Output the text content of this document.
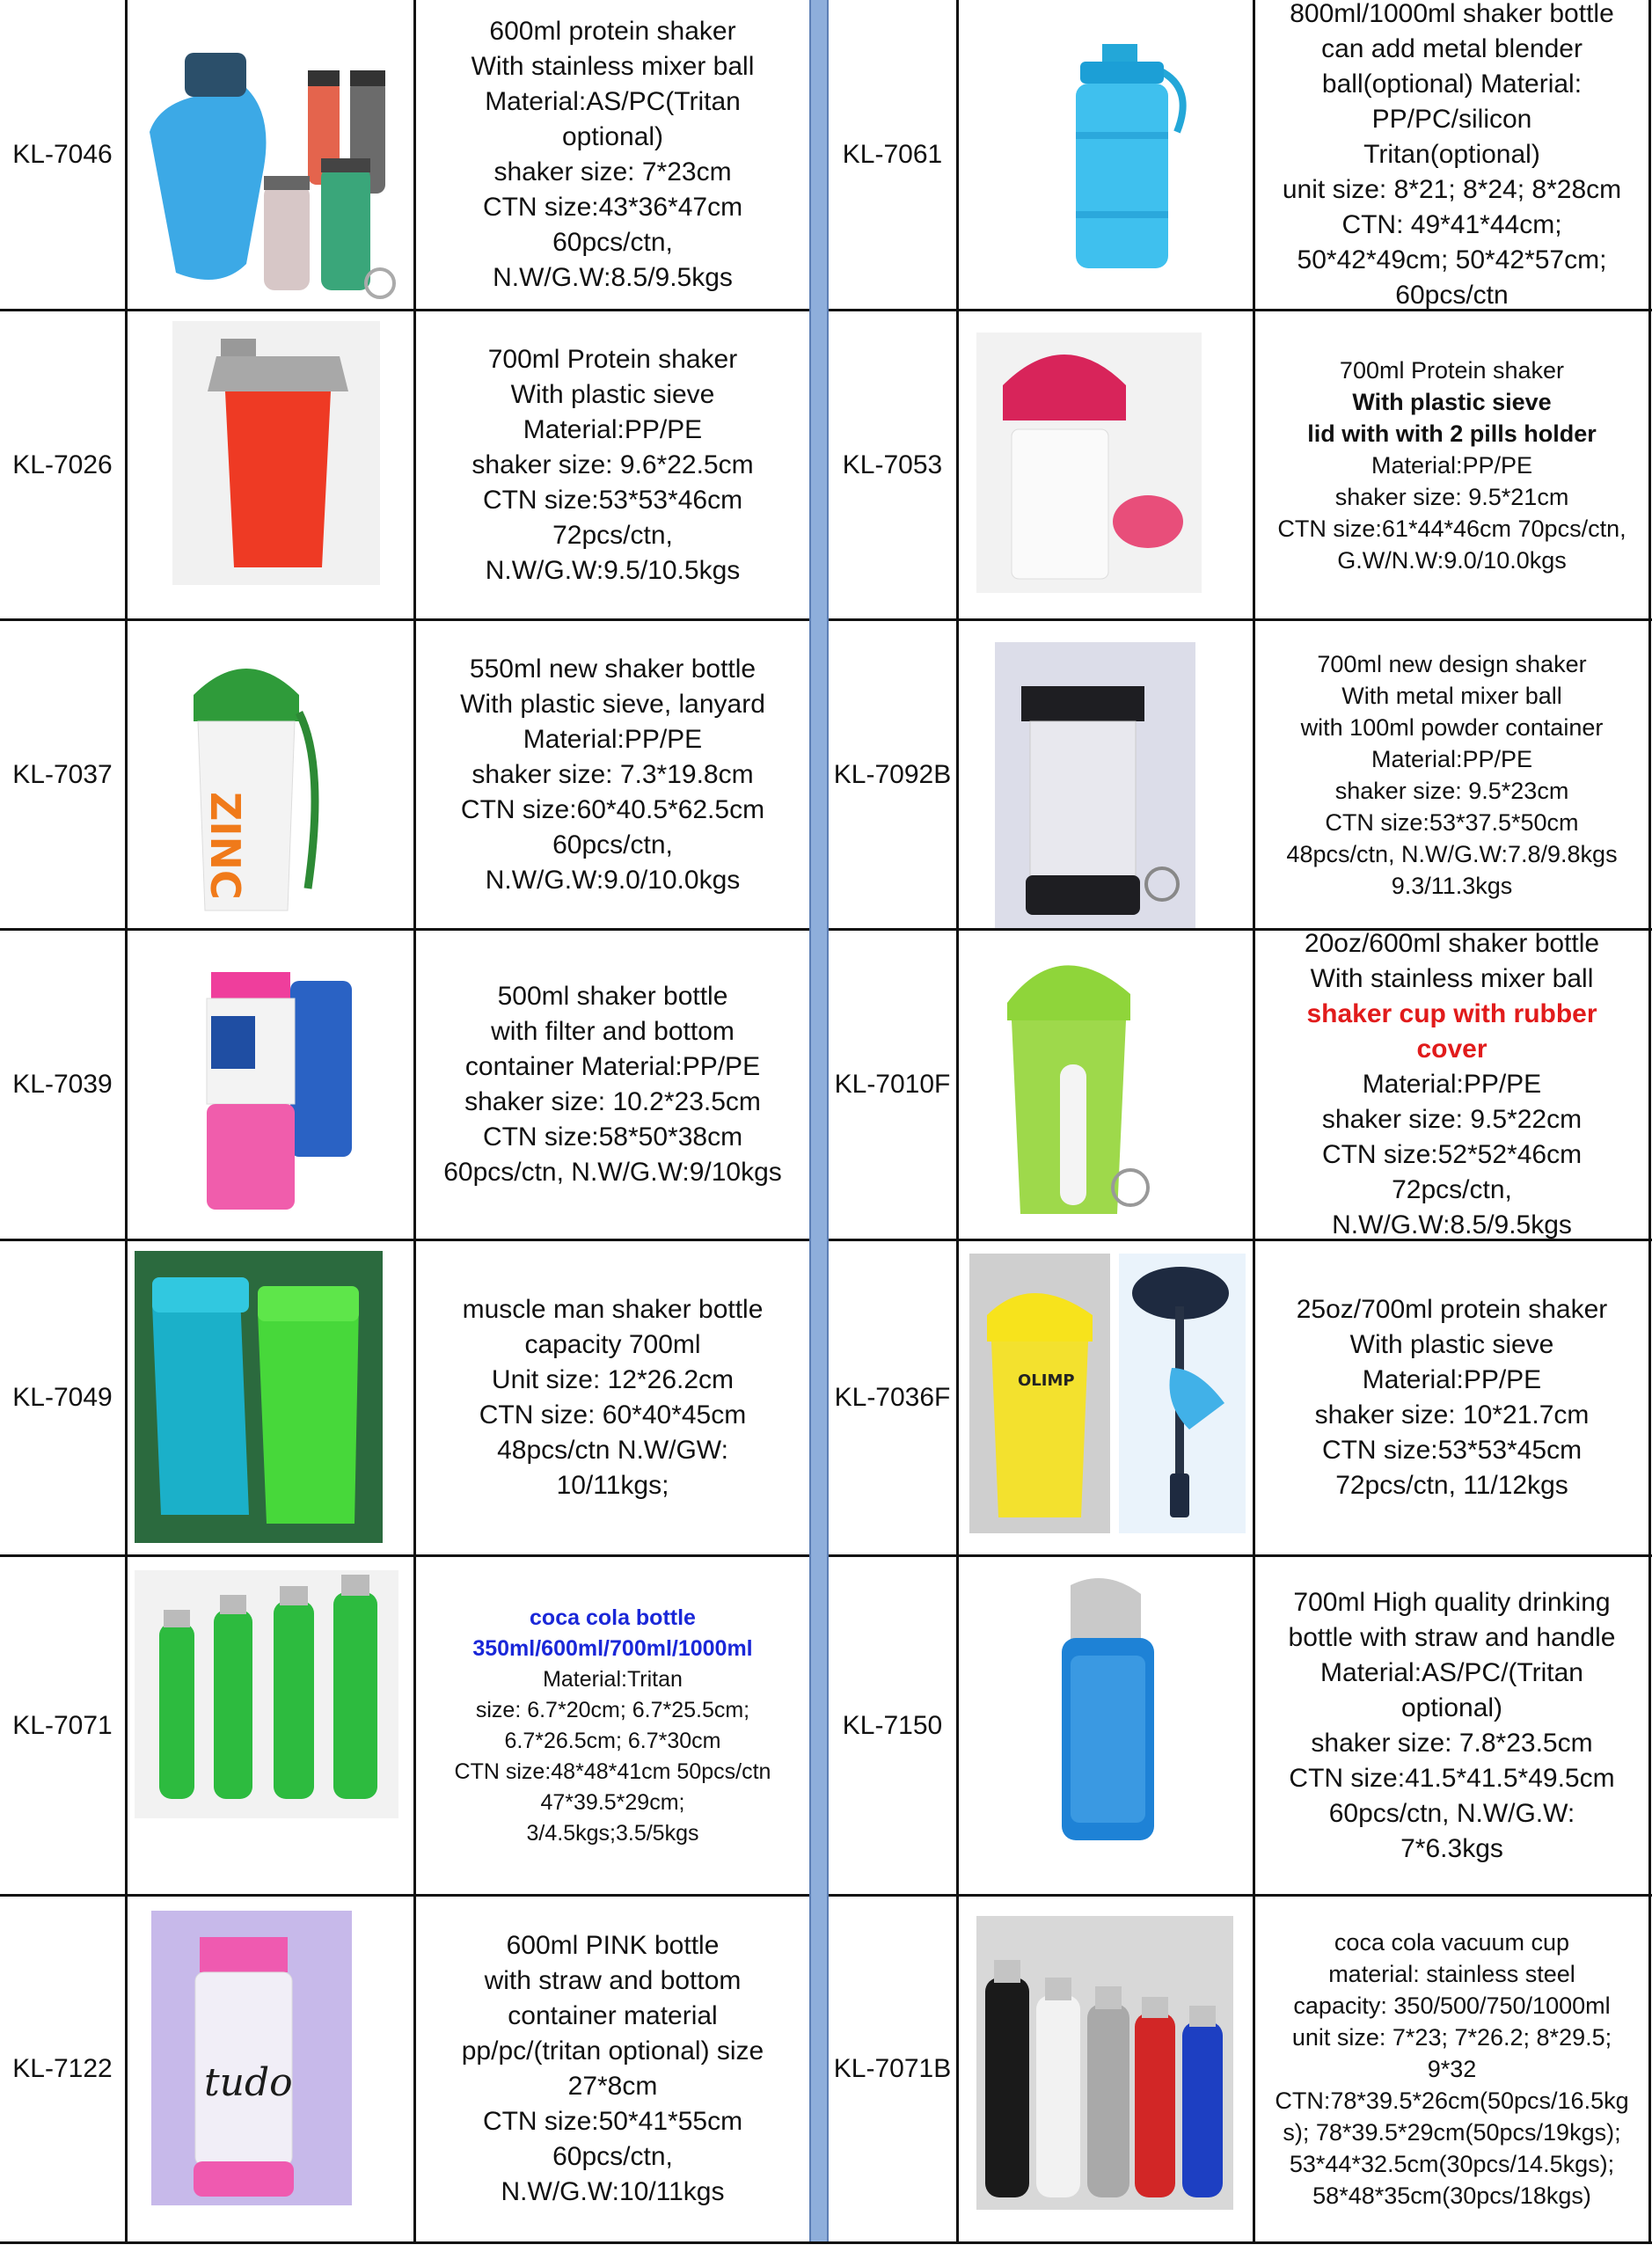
KL-7046
600ml protein shaker
With stainless mixer ball
Material:AS/PC(Tritan
optional)
shaker size: 7*23cm
CTN size:43*36*47cm
60pcs/ctn,
N.W/G.W:8.5/9.5kgs
KL-7061
800ml/1000ml shaker bottle
can add metal blender
ball(optional) Material:
PP/PC/silicon
Tritan(optional)
unit size: 8*21; 8*24; 8*28cm
CTN: 49*41*44cm;
50*42*49cm; 50*42*57cm;
60pcs/ctn
KL-7026
700ml Protein shaker
With plastic sieve
Material:PP/PE
shaker size: 9.6*22.5cm
CTN size:53*53*46cm
72pcs/ctn,
N.W/G.W:9.5/10.5kgs
KL-7053
700ml Protein shaker
With plastic sieve
lid with with 2 pills holder
Material:PP/PE
shaker size: 9.5*21cm
CTN size:61*44*46cm 70pcs/ctn,
G.W/N.W:9.0/10.0kgs
KL-7037
550ml new shaker bottle
With plastic sieve, lanyard
Material:PP/PE
shaker size: 7.3*19.8cm
CTN size:60*40.5*62.5cm
60pcs/ctn,
N.W/G.W:9.0/10.0kgs
KL-7092B
700ml new design shaker
With metal mixer ball
with 100ml powder container
Material:PP/PE
shaker size: 9.5*23cm
CTN size:53*37.5*50cm
48pcs/ctn, N.W/G.W:7.8/9.8kgs
9.3/11.3kgs
KL-7039
500ml shaker bottle
with filter and bottom
container Material:PP/PE
shaker size: 10.2*23.5cm
CTN size:58*50*38cm
60pcs/ctn, N.W/G.W:9/10kgs
KL-7010F
20oz/600ml shaker bottle
With stainless mixer ball
shaker cup with rubber
cover
Material:PP/PE
shaker size: 9.5*22cm
CTN size:52*52*46cm
72pcs/ctn,
N.W/G.W:8.5/9.5kgs
KL-7049
muscle man shaker bottle
capacity 700ml
Unit size: 12*26.2cm
CTN size: 60*40*45cm
48pcs/ctn N.W/GW:
10/11kgs;
KL-7036F
25oz/700ml protein shaker
With plastic sieve
Material:PP/PE
shaker size: 10*21.7cm
CTN size:53*53*45cm
72pcs/ctn, 11/12kgs
KL-7071
coca cola bottle
350ml/600ml/700ml/1000ml
Material:Tritan
size: 6.7*20cm; 6.7*25.5cm;
6.7*26.5cm; 6.7*30cm
CTN size:48*48*41cm 50pcs/ctn
47*39.5*29cm;
3/4.5kgs;3.5/5kgs
KL-7150
700ml High quality drinking
bottle with straw and handle
Material:AS/PC/(Tritan
optional)
shaker size: 7.8*23.5cm
CTN size:41.5*41.5*49.5cm
60pcs/ctn, N.W/G.W:
7*6.3kgs
KL-7122
600ml PINK bottle
with straw and bottom
container material
pp/pc/(tritan optional) size
27*8cm
CTN size:50*41*55cm
60pcs/ctn,
N.W/G.W:10/11kgs
KL-7071B
coca cola vacuum cup
material: stainless steel
capacity: 350/500/750/1000ml
unit size: 7*23; 7*26.2; 8*29.5;
9*32
CTN:78*39.5*26cm(50pcs/16.5kg
s); 78*39.5*29cm(50pcs/19kgs);
53*44*32.5cm(30pcs/14.5kgs);
58*48*35cm(30pcs/18kgs)
ZINC
OLIMP
tudo
